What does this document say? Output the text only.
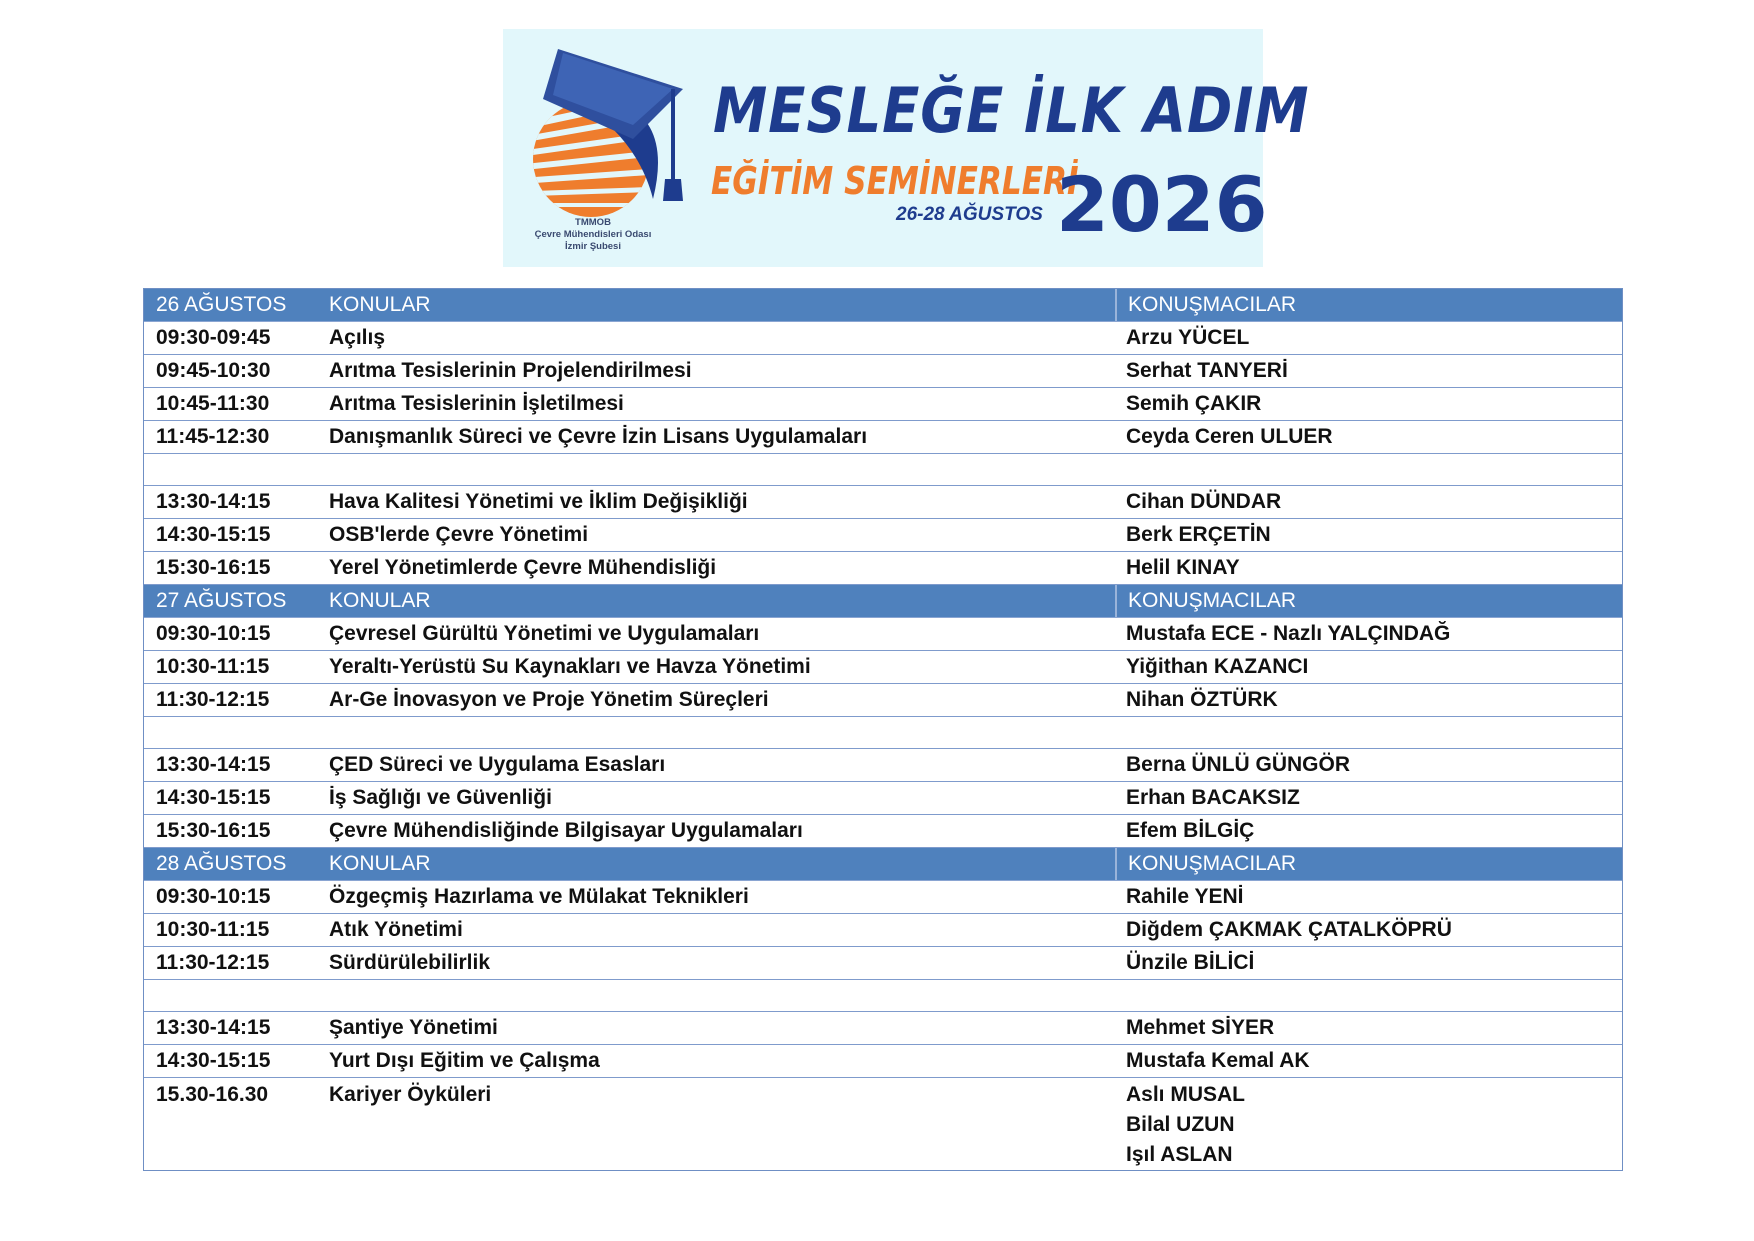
MESLEĞE İLK ADIM
EĞİTİM SEMİNERLERİ
26-28 AĞUSTOS 2026
TMMOB
Çevre Mühendisleri Odası
İzmir Şubesi
26 AĞUSTOS	KONULAR	KONUŞMACILAR
09:30-09:45	Açılış	Arzu YÜCEL
09:45-10:30	Arıtma Tesislerinin Projelendirilmesi	Serhat TANYERİ
10:45-11:30	Arıtma Tesislerinin İşletilmesi	Semih ÇAKIR
11:45-12:30	Danışmanlık Süreci ve Çevre İzin Lisans Uygulamaları	Ceyda Ceren ULUER
13:30-14:15	Hava Kalitesi Yönetimi ve İklim Değişikliği	Cihan DÜNDAR
14:30-15:15	OSB'lerde Çevre Yönetimi	Berk ERÇETİN
15:30-16:15	Yerel Yönetimlerde Çevre Mühendisliği	Helil KINAY
27 AĞUSTOS	KONULAR	KONUŞMACILAR
09:30-10:15	Çevresel Gürültü Yönetimi ve Uygulamaları	Mustafa ECE - Nazlı YALÇINDAĞ
10:30-11:15	Yeraltı-Yerüstü Su Kaynakları ve Havza Yönetimi	Yiğithan KAZANCI
11:30-12:15	Ar-Ge İnovasyon ve Proje Yönetim Süreçleri	Nihan ÖZTÜRK
13:30-14:15	ÇED Süreci ve Uygulama Esasları	Berna ÜNLÜ GÜNGÖR
14:30-15:15	İş Sağlığı ve Güvenliği	Erhan BACAKSIZ
15:30-16:15	Çevre Mühendisliğinde Bilgisayar Uygulamaları	Efem BİLGİÇ
28 AĞUSTOS	KONULAR	KONUŞMACILAR
09:30-10:15	Özgeçmiş Hazırlama ve Mülakat Teknikleri	Rahile YENİ
10:30-11:15	Atık Yönetimi	Diğdem ÇAKMAK ÇATALKÖPRÜ
11:30-12:15	Sürdürülebilirlik	Ünzile BİLİCİ
13:30-14:15	Şantiye Yönetimi	Mehmet SİYER
14:30-15:15	Yurt Dışı Eğitim ve Çalışma	Mustafa Kemal AK
15.30-16.30	Kariyer Öyküleri	Aslı MUSAL
Bilal UZUN
Işıl ASLAN
